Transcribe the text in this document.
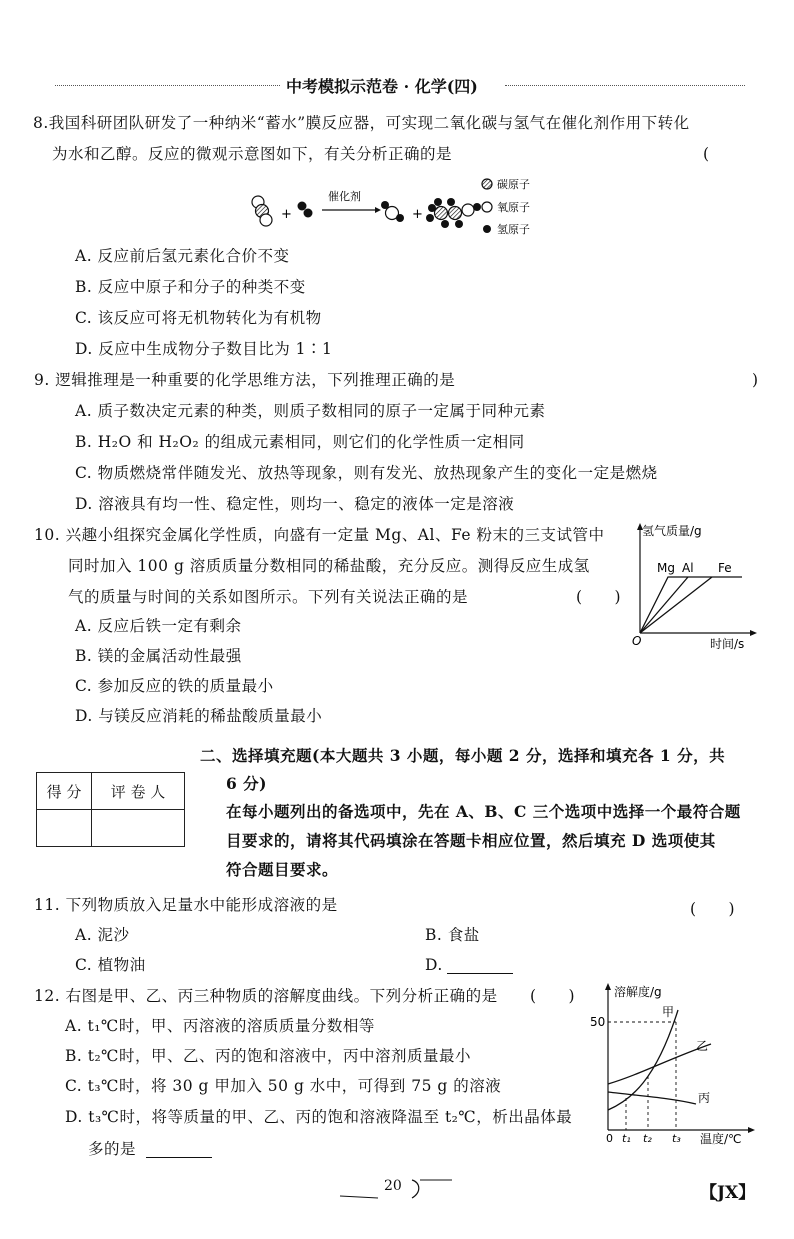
中考模拟示范卷 · 化学(四)
8.我国科研团队研发了一种纳米“蓄水”膜反应器，可实现二氧化碳与氢气在催化剂作用下转化
为水和乙醇。反应的微观示意图如下，有关分析正确的是	(
+
催化剂
+
碳原子
氧原子
氢原子
A. 反应前后氢元素化合价不变
B. 反应中原子和分子的种类不变
C. 该反应可将无机物转化为有机物
D. 反应中生成物分子数目比为 1∶1
9. 逻辑推理是一种重要的化学思维方法，下列推理正确的是	)
A. 质子数决定元素的种类，则质子数相同的原子一定属于同种元素
B. H₂O 和 H₂O₂ 的组成元素相同，则它们的化学性质一定相同
C. 物质燃烧常伴随发光、放热等现象，则有发光、放热现象产生的变化一定是燃烧
D. 溶液具有均一性、稳定性，则均一、稳定的液体一定是溶液
10. 兴趣小组探究金属化学性质，向盛有一定量 Mg、Al、Fe 粉末的三支试管中
同时加入 100 g 溶质质量分数相同的稀盐酸，充分反应。测得反应生成氢
气的质量与时间的关系如图所示。下列有关说法正确的是	(　　)
A. 反应后铁一定有剩余
B. 镁的金属活动性最强
C. 参加反应的铁的质量最小
D. 与镁反应消耗的稀盐酸质量最小
氢气质量/g
O	时间/s
Mg Al Fe
二、选择填充题(本大题共 3 小题，每小题 2 分，选择和填充各 1 分，共
6 分)
在每小题列出的备选项中，先在 A、B、C 三个选项中选择一个最符合题
目要求的，请将其代码填涂在答题卡相应位置，然后填充 D 选项使其
符合题目要求。
得 分	评 卷 人

11. 下列物质放入足量水中能形成溶液的是	(　　)
A. 泥沙	B. 食盐
C. 植物油	D.
12. 右图是甲、乙、丙三种物质的溶解度曲线。下列分析正确的是 (　　)
A. t₁℃时，甲、丙溶液的溶质质量分数相等
B. t₂℃时，甲、乙、丙的饱和溶液中，丙中溶剂质量最小
C. t₃℃时，将 30 g 甲加入 50 g 水中，可得到 75 g 的溶液
D. t₃℃时，将等质量的甲、乙、丙的饱和溶液降温至 t₂℃，析出晶体最
多的是
溶解度/g
50
甲
乙
丙
0 t₁ t₂ t₃ 温度/℃
20	【JX】
